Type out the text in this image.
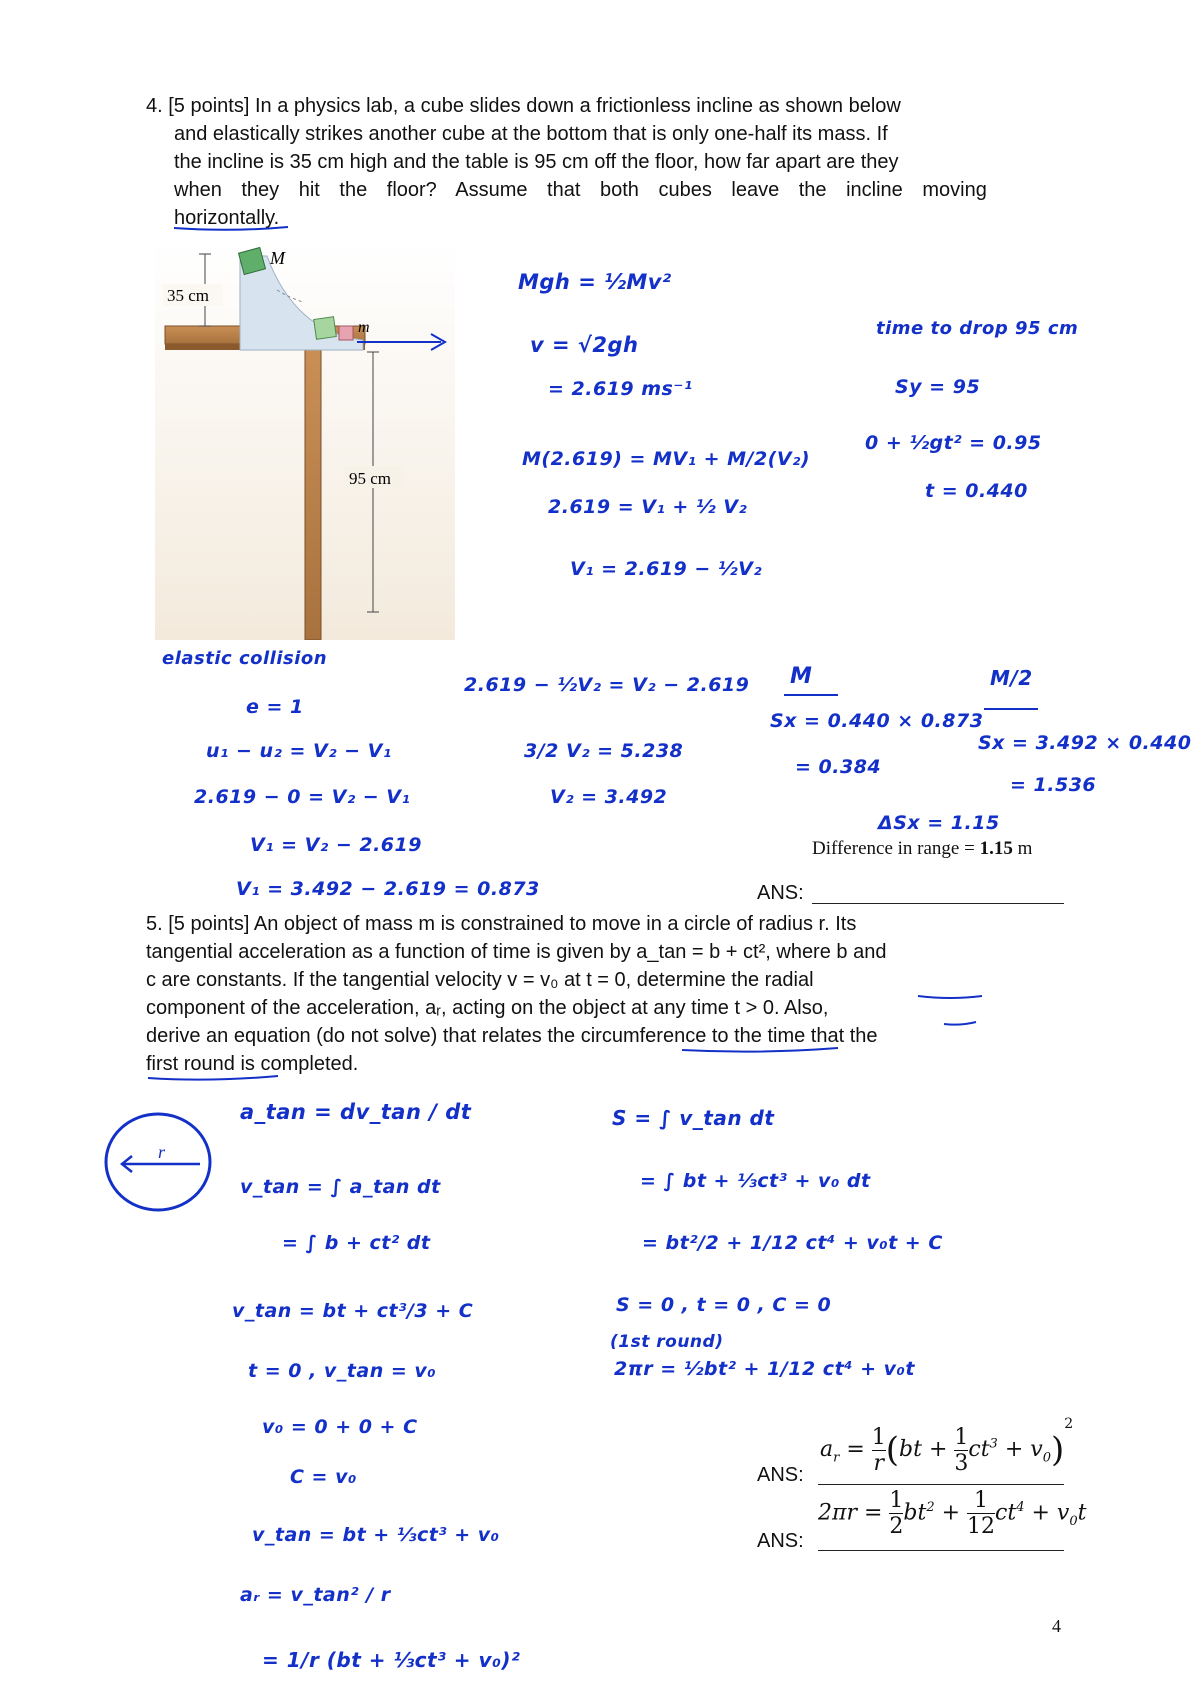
4. [5 points] In a physics lab, a cube slides down a frictionless incline as shown below
and elastically strikes another cube at the bottom that is only one-half its mass. If
the incline is 35 cm high and the table is 95 cm off the floor, how far apart are they
when they hit the floor? Assume that both cubes leave the incline moving
horizontally.
35 cm
M
m
95 cm
Mgh = ½Mv²
v = √2gh
= 2.619 ms⁻¹
M(2.619) = MV₁ + M/2(V₂)
2.619 = V₁ + ½ V₂
V₁ = 2.619 − ½V₂
time to drop 95 cm
Sy = 95
0 + ½gt² = 0.95
t = 0.440
elastic collision
e = 1
u₁ − u₂ = V₂ − V₁
2.619 − 0 = V₂ − V₁
V₁ = V₂ − 2.619
V₁ = 3.492 − 2.619 = 0.873
2.619 − ½V₂ = V₂ − 2.619
3/2 V₂ = 5.238
V₂ = 3.492
M
Sx = 0.440 × 0.873
= 0.384
M/2
Sx = 3.492 × 0.440
= 1.536
ΔSx = 1.15
Difference in range = 1.15 m
ANS:
5. [5 points] An object of mass m is constrained to move in a circle of radius r. Its
tangential acceleration as a function of time is given by a_tan = b + ct², where b and
c are constants. If the tangential velocity v = v₀ at t = 0, determine the radial
component of the acceleration, aᵣ, acting on the object at any time t > 0. Also,
derive an equation (do not solve) that relates the circumference to the time that the
first round is completed.
r
a_tan = dv_tan / dt
v_tan = ∫ a_tan dt
= ∫ b + ct² dt
v_tan = bt + ct³/3 + C
t = 0 , v_tan = v₀
v₀ = 0 + 0 + C
C = v₀
v_tan = bt + ⅓ct³ + v₀
aᵣ = v_tan² / r
= 1/r (bt + ⅓ct³ + v₀)²
S = ∫ v_tan dt
= ∫ bt + ⅓ct³ + v₀ dt
= bt²/2 + 1/12 ct⁴ + v₀t + C
S = 0 , t = 0 , C = 0
(1st round)
2πr = ½bt² + 1/12 ct⁴ + v₀t
$a_r = \frac{1}{r} (bt + \frac{1}{3} ct^3 + v_0)^2$
ANS:
$2\pi r = \frac{1}{2} bt^2 + \frac{1}{12} ct^4 + v_0t$
ANS:
4
